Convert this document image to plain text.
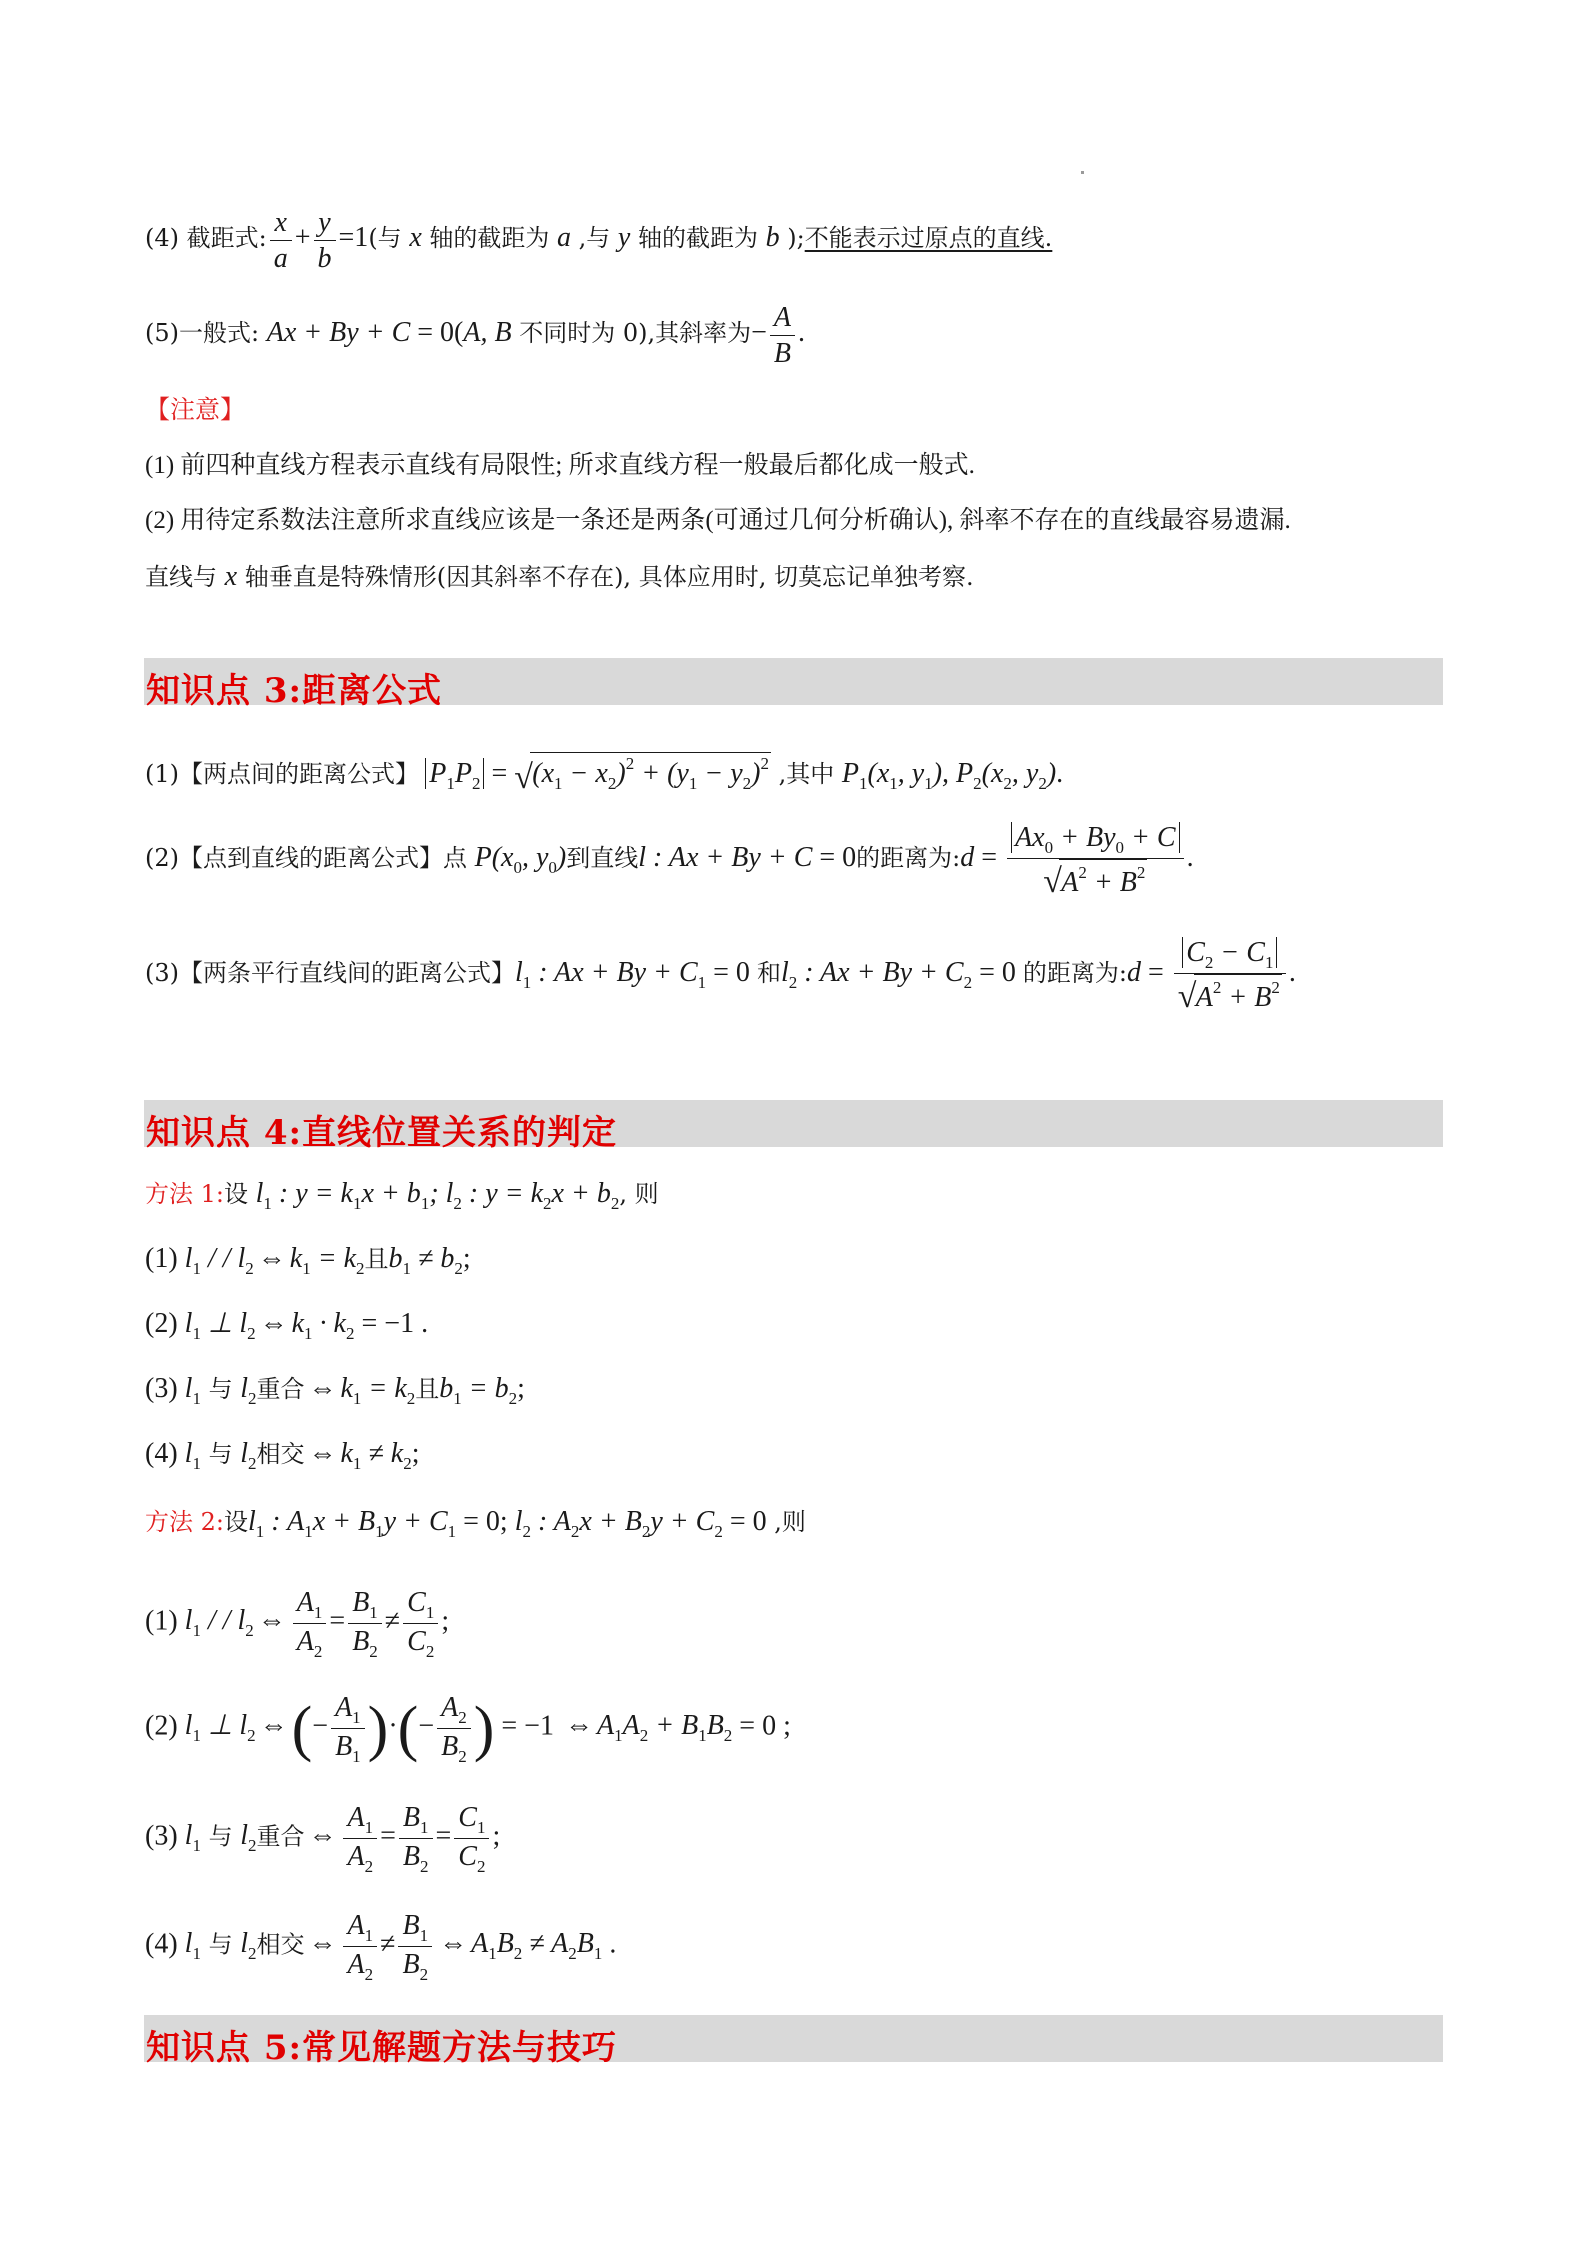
(4) 截距式: $\frac{x}{a} + \frac{y}{b} =1$(与 x 轴的截距为 a ,与 y 轴的截距为 b );不能表示过原点的直线.
(5)一般式: Ax + By + C = 0(A, B 不同时为 0),其斜率为− $\frac{A}{B}$ .
【注意】
(1) 前四种直线方程表示直线有局限性; 所求直线方程一般最后都化成一般式.
(2) 用待定系数法注意所求直线应该是一条还是两条(可通过几何分析确认), 斜率不存在的直线最容易遗漏.
直线与 x 轴垂直是特殊情形(因其斜率不存在), 具体应用时, 切莫忘记单独考察.
知识点 3:距离公式
(1)【两点间的距离公式】 $P_1P_2$ = √ $(x_1 - x_2)^2 + (y_1 - y_2)^2$ ,其中 $P_1(x_1$, $y_1$), $P_2(x_2$, $y_2$).
(2)【点到直线的距离公式】点 $P(x_0$, $y_0$)到直线l : Ax + By + C = 0的距离为:d = $Ax_0 + By_0 + C$
√ $A^2 + B^2$ .
(3)【两条平行直线间的距离公式】$l_1$ : $Ax + By + C_1 = 0$ 和$l_2$ : $Ax + By + C_2 = 0$ 的距离为:d = $C_2 - C_1$
√ $A^2 + B^2$ .
知识点 4:直线位置关系的判定
方法 1:设 $l_1$ : $y = k_1x + b_1$; $l_2$ : $y = k_2x + b_2$, 则
(1) $l_1$ / / $l_2$ ⇔ $k_1 = k_2$且$b_1 \ne b_2$;
(2) $l_1$ ⊥ $l_2$ ⇔ $k_1 \cdot k_2 = -1$ .
(3) $l_1$ 与 $l_2$重合 ⇔ $k_1 = k_2$且$b_1 = b_2$;
(4) $l_1$ 与 $l_2$相交 ⇔ $k_1 \ne k_2$;
方法 2:设$l_1$ : $A_1x + B_1y + C_1 = 0$; $l_2$ : $A_2x + B_2y + C_2 = 0$ ,则
(1) $l_1$ / / $l_2$ ⇔ $\frac{A_1}{A_2} = \frac{B_1}{B_2} \ne \frac{C_1}{C_2}$ ;
(2) $l_1$ ⊥ $l_2$ ⇔(− $\frac{A_1}{B_1}$ )·(− $\frac{A_2}{B_2}$ ) = −1 ⇔ $A_1A_2 + B_1B_2 = 0$ ;
(3) $l_1$ 与 $l_2$重合 ⇔ $\frac{A_1}{A_2} = \frac{B_1}{B_2} = \frac{C_1}{C_2}$ ;
(4) $l_1$ 与 $l_2$相交 ⇔ $\frac{A_1}{A_2} \ne \frac{B_1}{B_2}$ ⇔ $A_1B_2 \ne A_2B_1$ .
知识点 5:常见解题方法与技巧
